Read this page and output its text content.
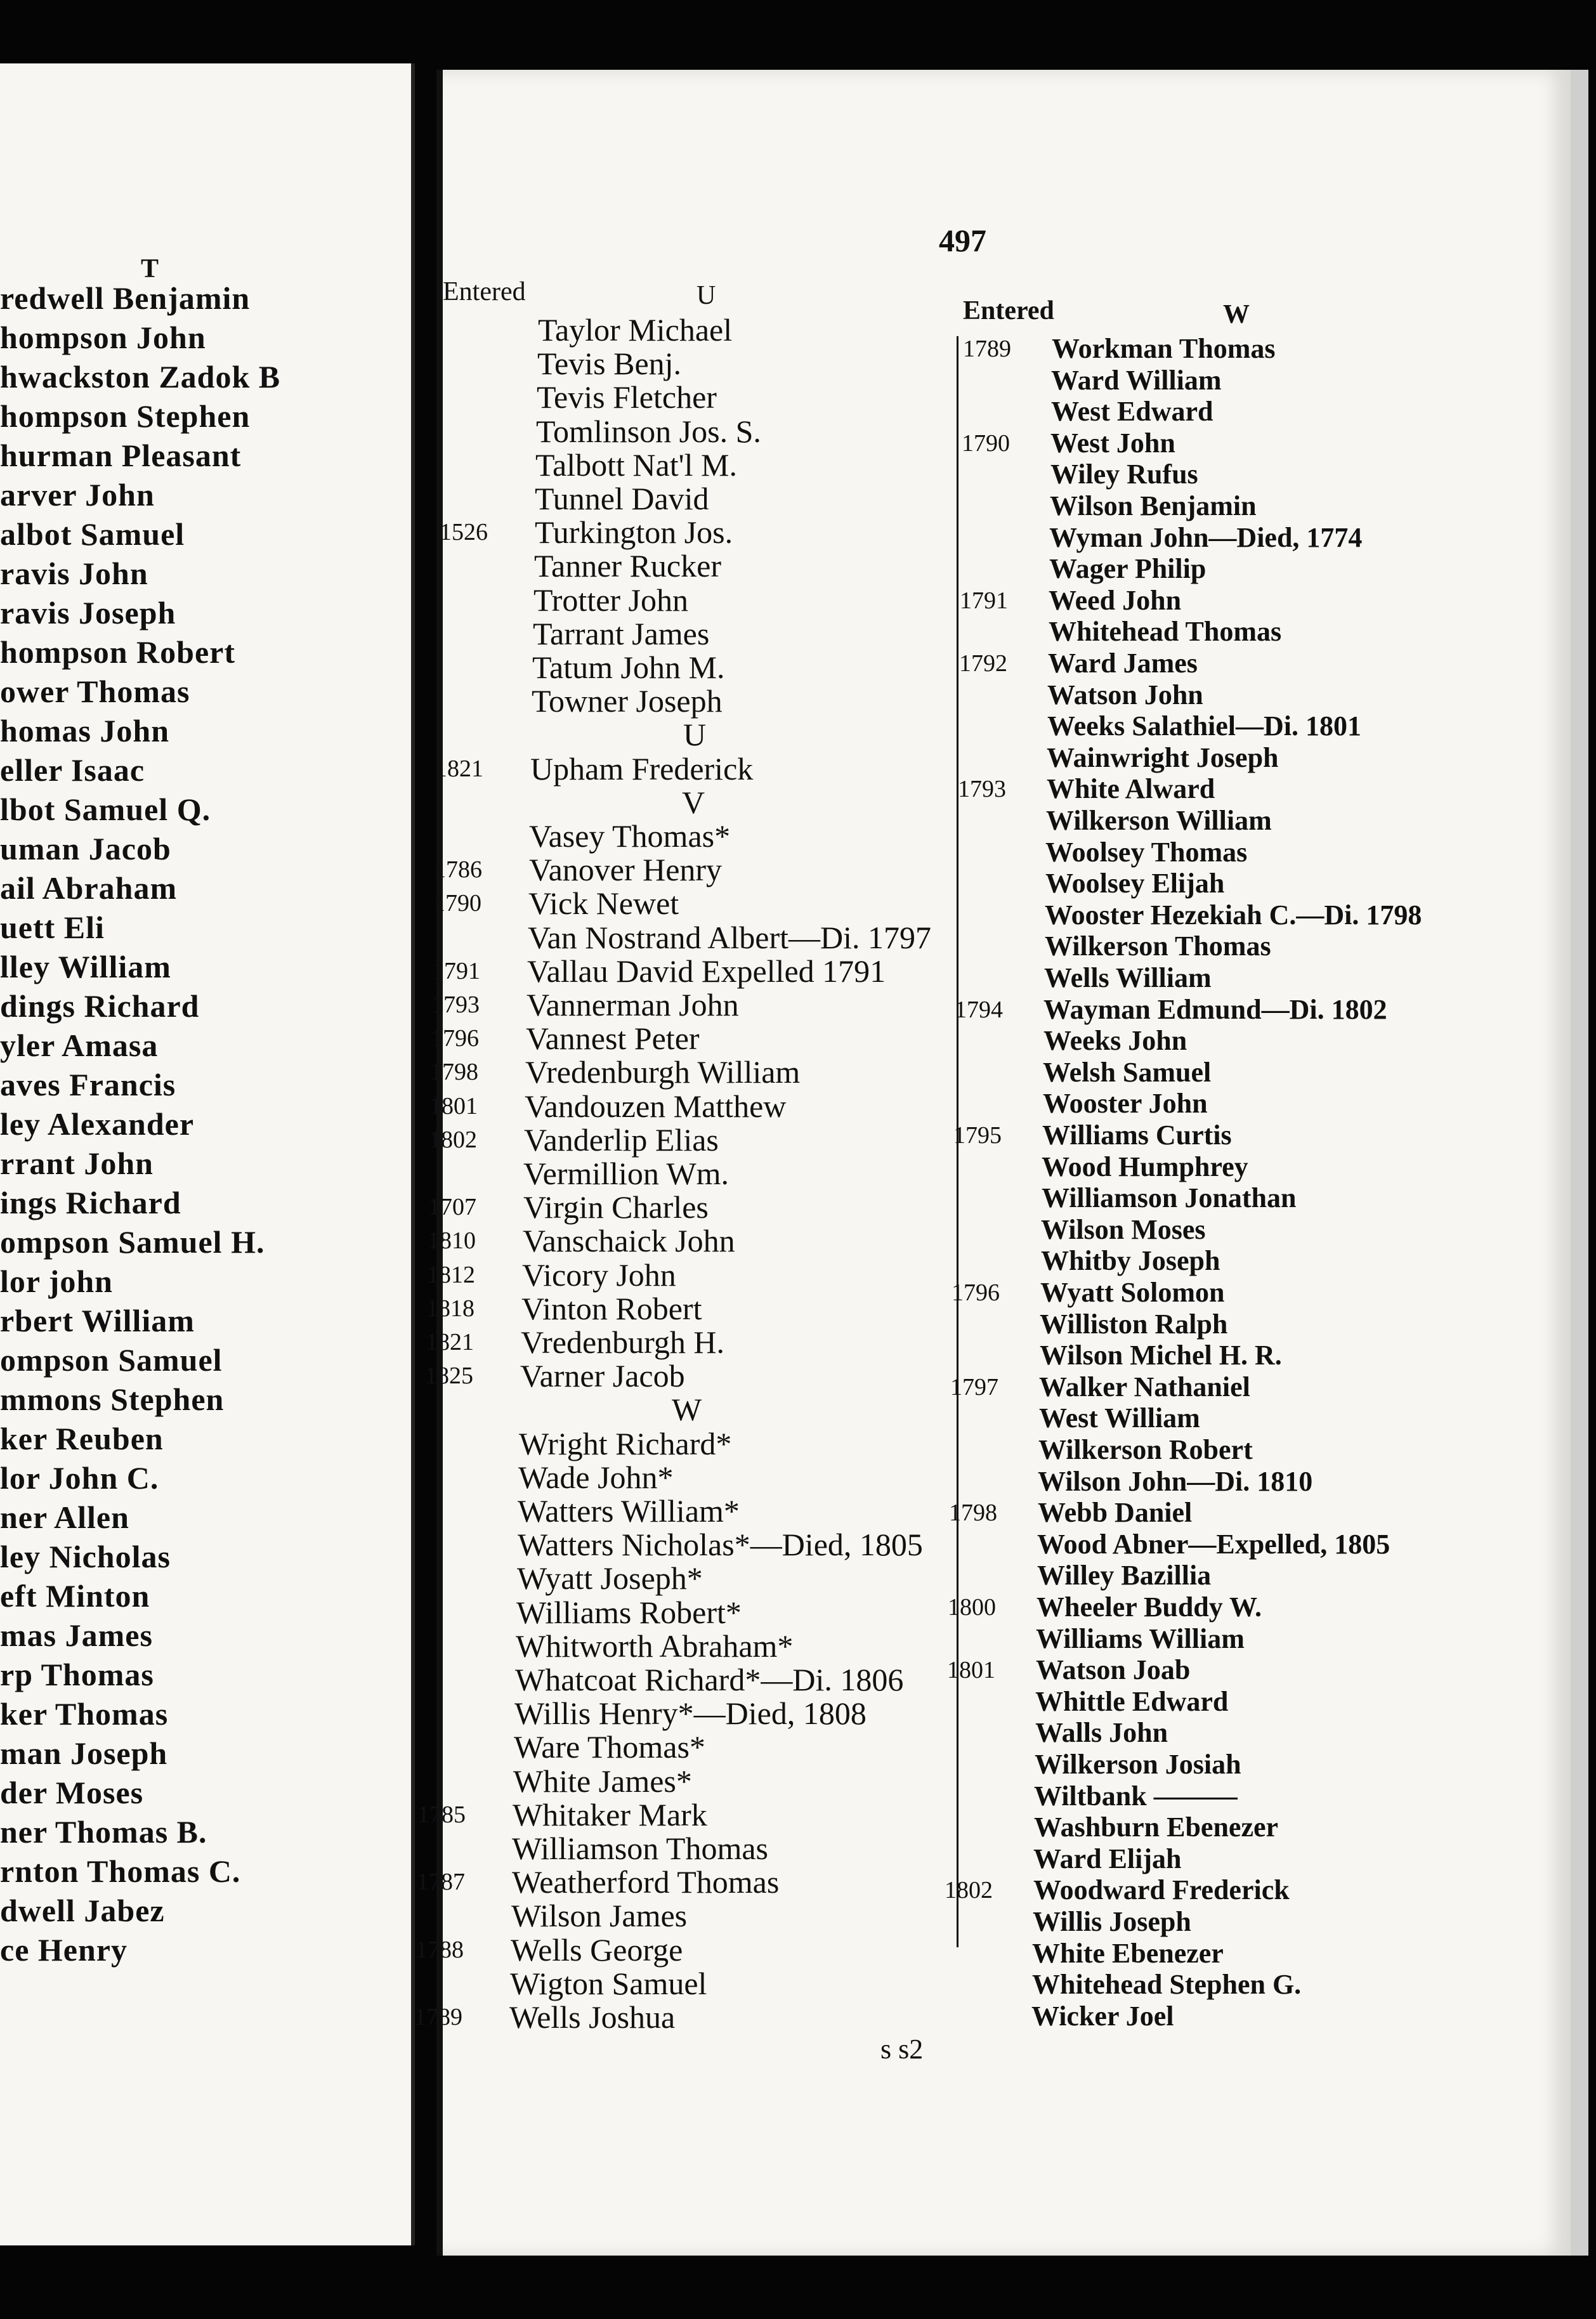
T
redwell Benjamin
hompson John
hwackston Zadok B
hompson Stephen
hurman Pleasant
arver John
albot Samuel
ravis John
ravis Joseph
hompson Robert
ower Thomas
homas John
eller Isaac
lbot Samuel Q.
uman Jacob
ail Abraham
uett Eli
lley William
dings Richard
yler Amasa
aves Francis
ley Alexander
rrant John
ings Richard
ompson Samuel H.
lor john
rbert William
ompson Samuel
mmons Stephen
ker Reuben
lor John C.
ner Allen
ley Nicholas
eft Minton
mas James
rp Thomas
ker Thomas
man Joseph
der Moses
ner Thomas B.
rnton Thomas C.
dwell Jabez
ce Henry
497
Entered	U
Entered	W
Taylor Michael
Tevis Benj.
Tevis Fletcher
Tomlinson Jos. S.
Talbott Nat'l M.
Tunnel David
1526 Turkington Jos.
Tanner Rucker
Trotter John
Tarrant James
Tatum John M.
Towner Joseph
U
1821 Upham Frederick
V
Vasey Thomas*
1786 Vanover Henry
1790 Vick Newet
Van Nostrand Albert—Di. 1797
1791 Vallau David Expelled 1791
1793 Vannerman John
1796 Vannest Peter
1798 Vredenburgh William
1801 Vandouzen Matthew
1802 Vanderlip Elias
Vermillion Wm.
1707 Virgin Charles
1810 Vanschaick John
1812 Vicory John
1818 Vinton Robert
1821 Vredenburgh H.
1825 Varner Jacob
W
Wright Richard*
Wade John*
Watters William*
Watters Nicholas*—Died, 1805
Wyatt Joseph*
Williams Robert*
Whitworth Abraham*
Whatcoat Richard*—Di. 1806
Willis Henry*—Died, 1808
Ware Thomas*
White James*
1785 Whitaker Mark
Williamson Thomas
1787 Weatherford Thomas
Wilson James
1788 Wells George
Wigton Samuel
1789 Wells Joshua
1789 Workman Thomas
Ward William
West Edward
1790 West John
Wiley Rufus
Wilson Benjamin
Wyman John—Died, 1774
Wager Philip
1791 Weed John
Whitehead Thomas
1792 Ward James
Watson John
Weeks Salathiel—Di. 1801
Wainwright Joseph
1793 White Alward
Wilkerson William
Woolsey Thomas
Woolsey Elijah
Wooster Hezekiah C.—Di. 1798
Wilkerson Thomas
Wells William
1794 Wayman Edmund—Di. 1802
Weeks John
Welsh Samuel
Wooster John
1795 Williams Curtis
Wood Humphrey
Williamson Jonathan
Wilson Moses
Whitby Joseph
1796 Wyatt Solomon
Williston Ralph
Wilson Michel H. R.
1797 Walker Nathaniel
West William
Wilkerson Robert
Wilson John—Di. 1810
1798 Webb Daniel
Wood Abner—Expelled, 1805
Willey Bazillia
1800 Wheeler Buddy W.
Williams William
1801 Watson Joab
Whittle Edward
Walls John
Wilkerson Josiah
Wiltbank ———
Washburn Ebenezer
Ward Elijah
1802 Woodward Frederick
Willis Joseph
White Ebenezer
Whitehead Stephen G.
Wicker Joel
s s2
